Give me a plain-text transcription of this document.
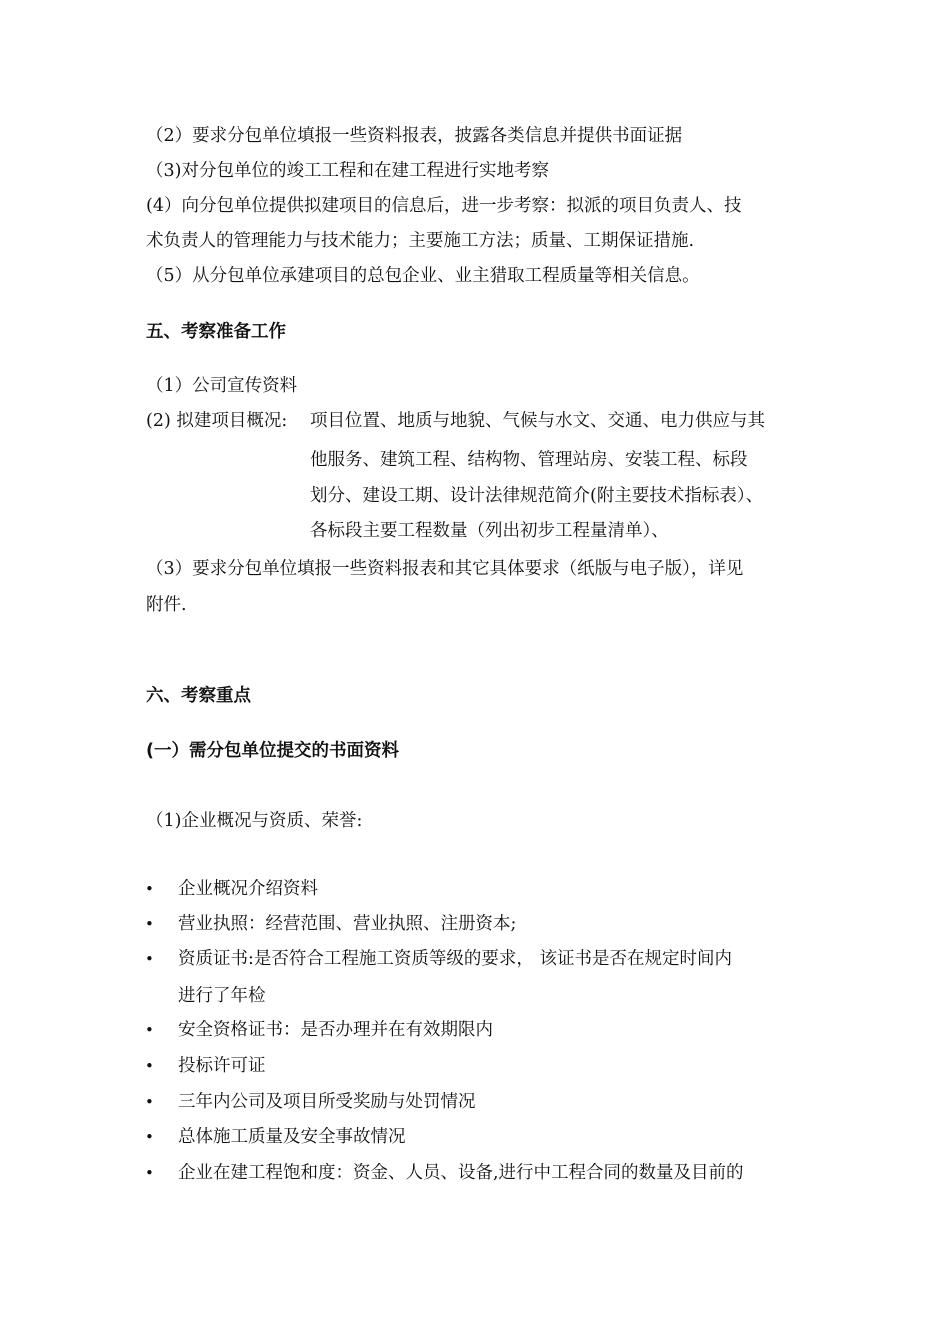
（2）要求分包单位填报一些资料报表，披露各类信息并提供书面证据
（3)对分包单位的竣工工程和在建工程进行实地考察
(4）向分包单位提供拟建项目的信息后，进一步考察：拟派的项目负责人、技
术负责人的管理能力与技术能力；主要施工方法；质量、工期保证措施.
（5）从分包单位承建项目的总包企业、业主猎取工程质量等相关信息。
五、考察准备工作
（1）公司宣传资料
(2) 拟建项目概况: 项目位置、地质与地貌、气候与水文、交通、电力供应与其
他服务、建筑工程、结构物、管理站房、安装工程、标段
划分、建设工期、设计法律规范简介(附主要技术指标表）、
各标段主要工程数量（列出初步工程量清单）、
（3）要求分包单位填报一些资料报表和其它具体要求（纸版与电子版），详见
附件.
六、考察重点
(一）需分包单位提交的书面资料
（1)企业概况与资质、荣誉:
• 企业概况介绍资料
• 营业执照：经营范围、营业执照、注册资本;
• 资质证书:是否符合工程施工资质等级的要求， 该证书是否在规定时间内
进行了年检
• 安全资格证书：是否办理并在有效期限内
• 投标许可证
• 三年内公司及项目所受奖励与处罚情况
• 总体施工质量及安全事故情况
• 企业在建工程饱和度：资金、人员、设备,进行中工程合同的数量及目前的
